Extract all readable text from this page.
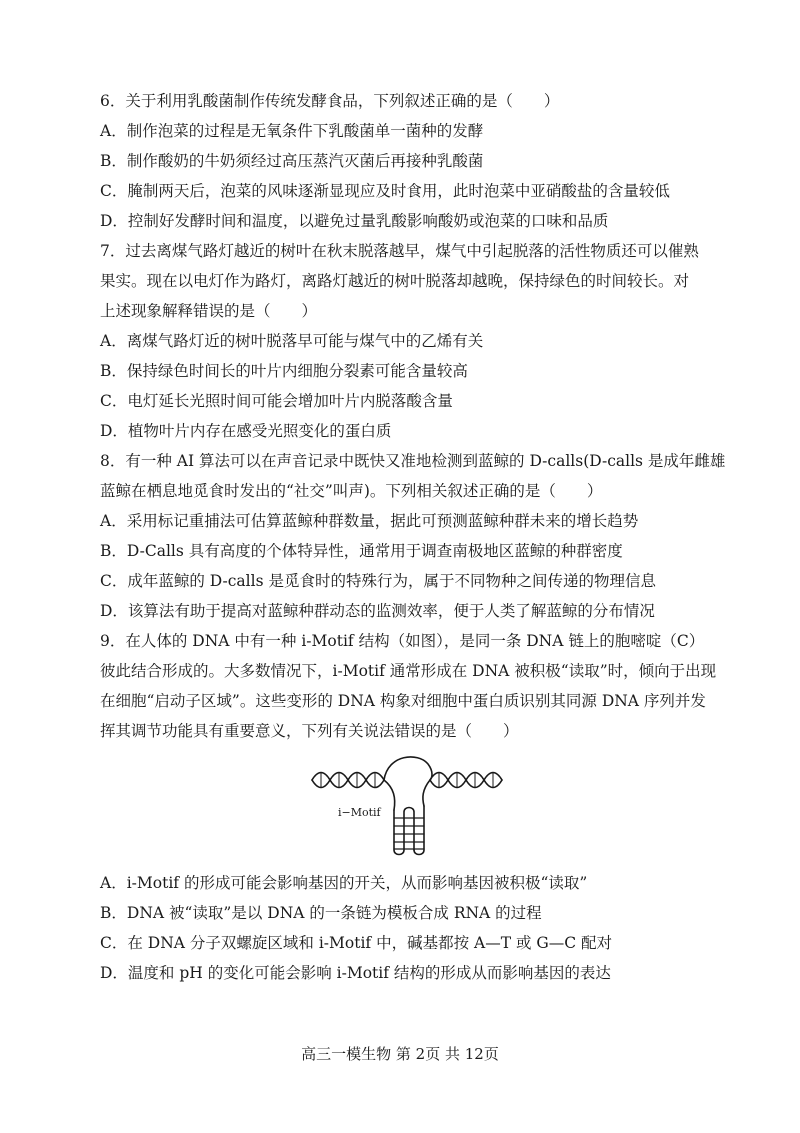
6．关于利用乳酸菌制作传统发酵食品，下列叙述正确的是（　　）
A．制作泡菜的过程是无氧条件下乳酸菌单一菌种的发酵
B．制作酸奶的牛奶须经过高压蒸汽灭菌后再接种乳酸菌
C．腌制两天后，泡菜的风味逐渐显现应及时食用，此时泡菜中亚硝酸盐的含量较低
D．控制好发酵时间和温度，以避免过量乳酸影响酸奶或泡菜的口味和品质
7．过去离煤气路灯越近的树叶在秋末脱落越早，煤气中引起脱落的活性物质还可以催熟
果实。现在以电灯作为路灯，离路灯越近的树叶脱落却越晚，保持绿色的时间较长。对
上述现象解释错误的是（　　）
A．离煤气路灯近的树叶脱落早可能与煤气中的乙烯有关
B．保持绿色时间长的叶片内细胞分裂素可能含量较高
C．电灯延长光照时间可能会增加叶片内脱落酸含量
D．植物叶片内存在感受光照变化的蛋白质
8．有一种 AI 算法可以在声音记录中既快又准地检测到蓝鲸的 D-calls(D-calls 是成年雌雄
蓝鲸在栖息地觅食时发出的“社交”叫声)。下列相关叙述正确的是（　　）
A．采用标记重捕法可估算蓝鲸种群数量，据此可预测蓝鲸种群未来的增长趋势
B．D-Calls 具有高度的个体特异性，通常用于调查南极地区蓝鲸的种群密度
C．成年蓝鲸的 D-calls 是觅食时的特殊行为，属于不同物种之间传递的物理信息
D．该算法有助于提高对蓝鲸种群动态的监测效率，便于人类了解蓝鲸的分布情况
9．在人体的 DNA 中有一种 i-Motif 结构（如图），是同一条 DNA 链上的胞嘧啶（C）
彼此结合形成的。大多数情况下，i-Motif 通常形成在 DNA 被积极“读取”时，倾向于出现
在细胞“启动子区域”。这些变形的 DNA 构象对细胞中蛋白质识别其同源 DNA 序列并发
挥其调节功能具有重要意义，下列有关说法错误的是（　　）
i−Motif
A．i-Motif 的形成可能会影响基因的开关，从而影响基因被积极“读取”
B．DNA 被“读取”是以 DNA 的一条链为模板合成 RNA 的过程
C．在 DNA 分子双螺旋区域和 i-Motif 中，碱基都按 A—T 或 G—C 配对
D．温度和 pH 的变化可能会影响 i-Motif 结构的形成从而影响基因的表达
高三一模生物 第 2页 共 12页
